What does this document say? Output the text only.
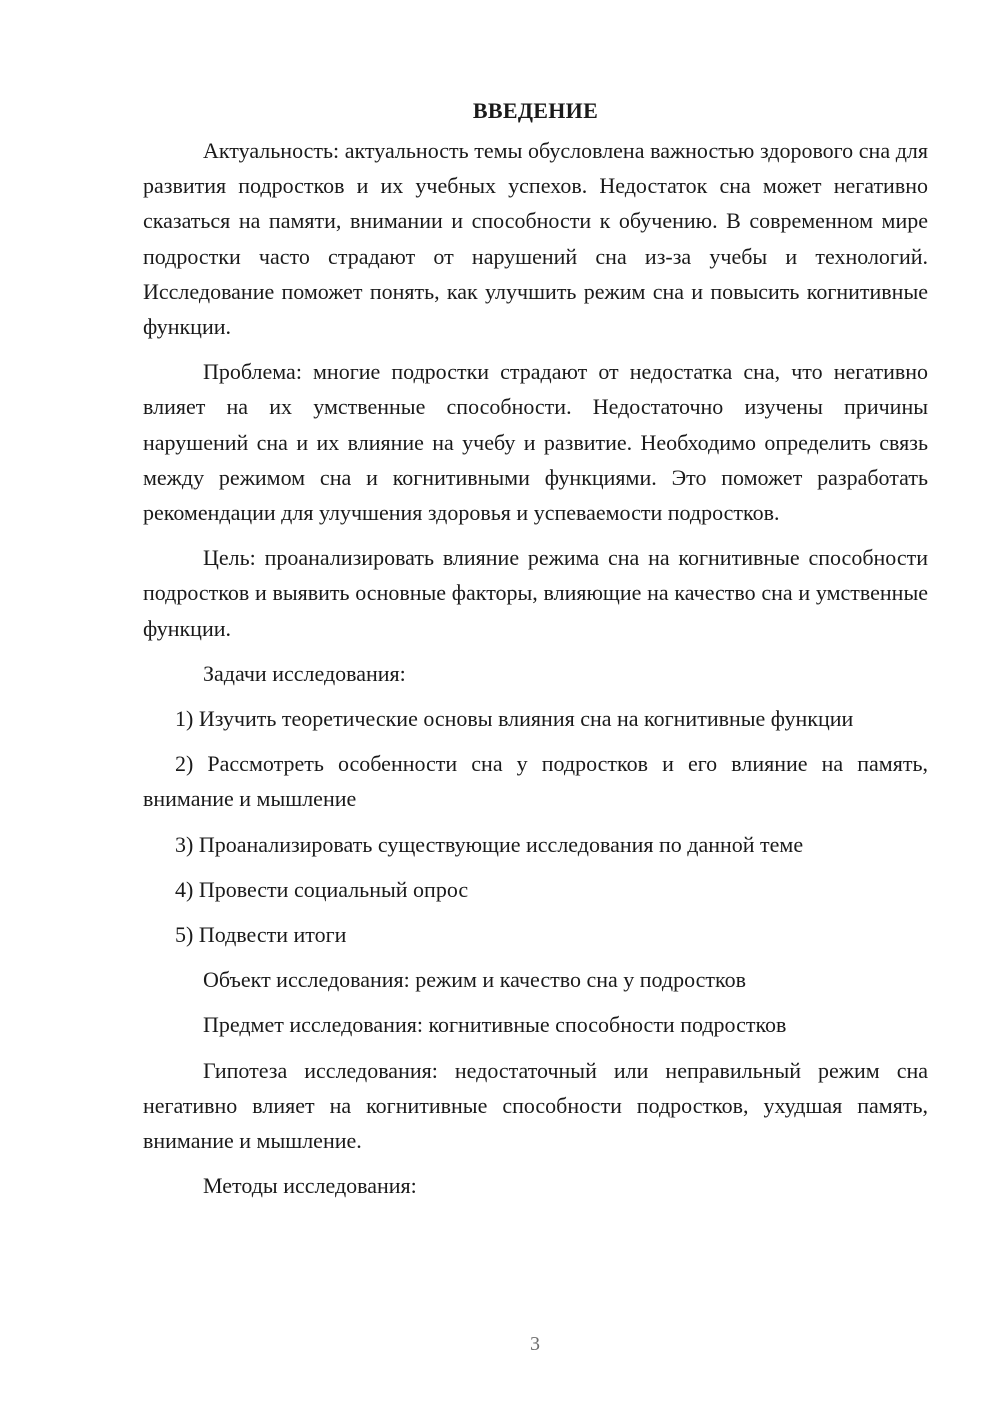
ВВЕДЕНИЕ

Актуальность: актуальность темы обусловлена важностью здорового сна для развития подростков и их учебных успехов. Недостаток сна может негативно сказаться на памяти, внимании и способности к обучению. В современном мире подростки часто страдают от нарушений сна из-за учебы и технологий. Исследование поможет понять, как улучшить режим сна и повысить когнитивные функции.

Проблема: многие подростки страдают от недостатка сна, что негативно влияет на их умственные способности. Недостаточно изучены причины нарушений сна и их влияние на учебу и развитие. Необходимо определить связь между режимом сна и когнитивными функциями. Это поможет разработать рекомендации для улучшения здоровья и успеваемости подростков.

Цель: проанализировать влияние режима сна на когнитивные способности подростков и выявить основные факторы, влияющие на качество сна и умственные функции.

Задачи исследования:

1) Изучить теоретические основы влияния сна на когнитивные функции

2) Рассмотреть особенности сна у подростков и его влияние на память, внимание и мышление

3) Проанализировать существующие исследования по данной теме

4) Провести социальный опрос

5) Подвести итоги

Объект исследования: режим и качество сна у подростков

Предмет исследования: когнитивные способности подростков

Гипотеза исследования: недостаточный или неправильный режим сна негативно влияет на когнитивные способности подростков, ухудшая память, внимание и мышление.

Методы исследования:

3
